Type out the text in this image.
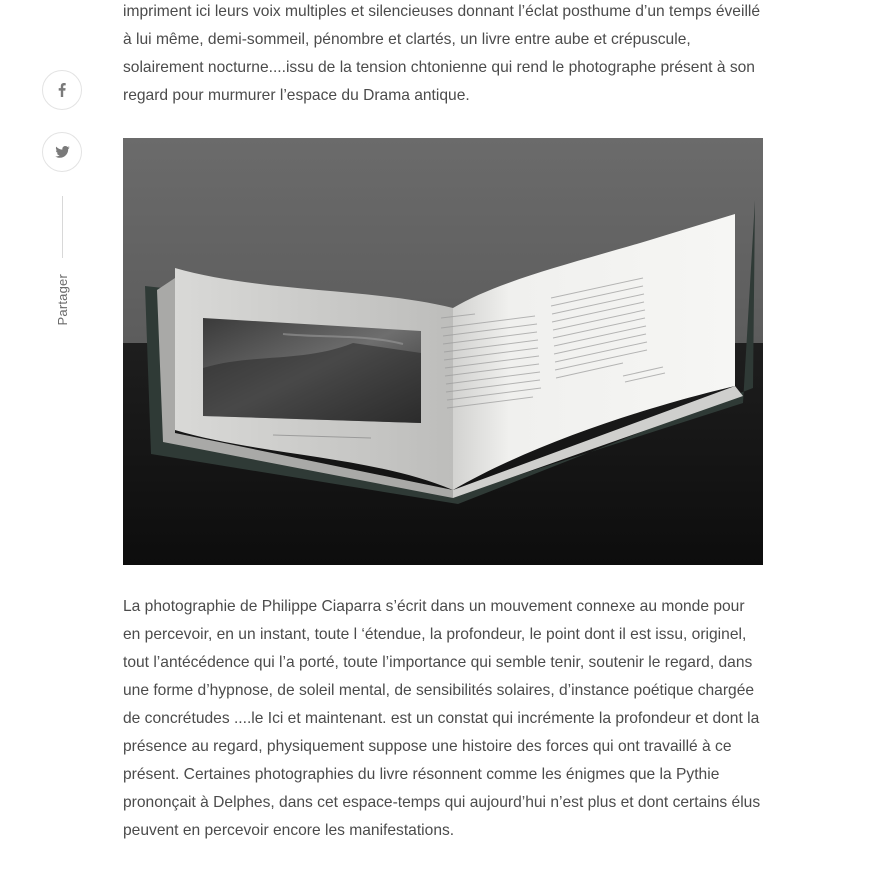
Partager

impriment ici leurs voix multiples et silencieuses donnant l’éclat posthume d’un temps éveillé à lui même, demi-sommeil, pénombre et clartés, un livre entre aube et crépuscule, solairement nocturne....issu de la tension chtonienne qui rend le photographe présent à son regard pour murmurer l’espace du Drama antique.

La photographie de Philippe Ciaparra s’écrit dans un mouvement connexe au monde pour en percevoir, en un instant, toute l ‘étendue, la profondeur, le point dont il est issu, originel, tout l’antécédence qui l’a porté, toute l’importance qui semble tenir, soutenir le regard, dans une forme d’hypnose, de soleil mental, de sensibilités solaires, d’instance poétique chargée de concrétudes ....le Ici et maintenant. est un constat qui incrémente la profondeur et dont la présence au regard, physiquement suppose une histoire des forces qui ont travaillé à ce présent. Certaines photographies du livre résonnent comme les énigmes que la Pythie prononçait à Delphes, dans cet espace-temps qui aujourd’hui n’est plus et dont certains élus peuvent en percevoir encore les manifestations.
